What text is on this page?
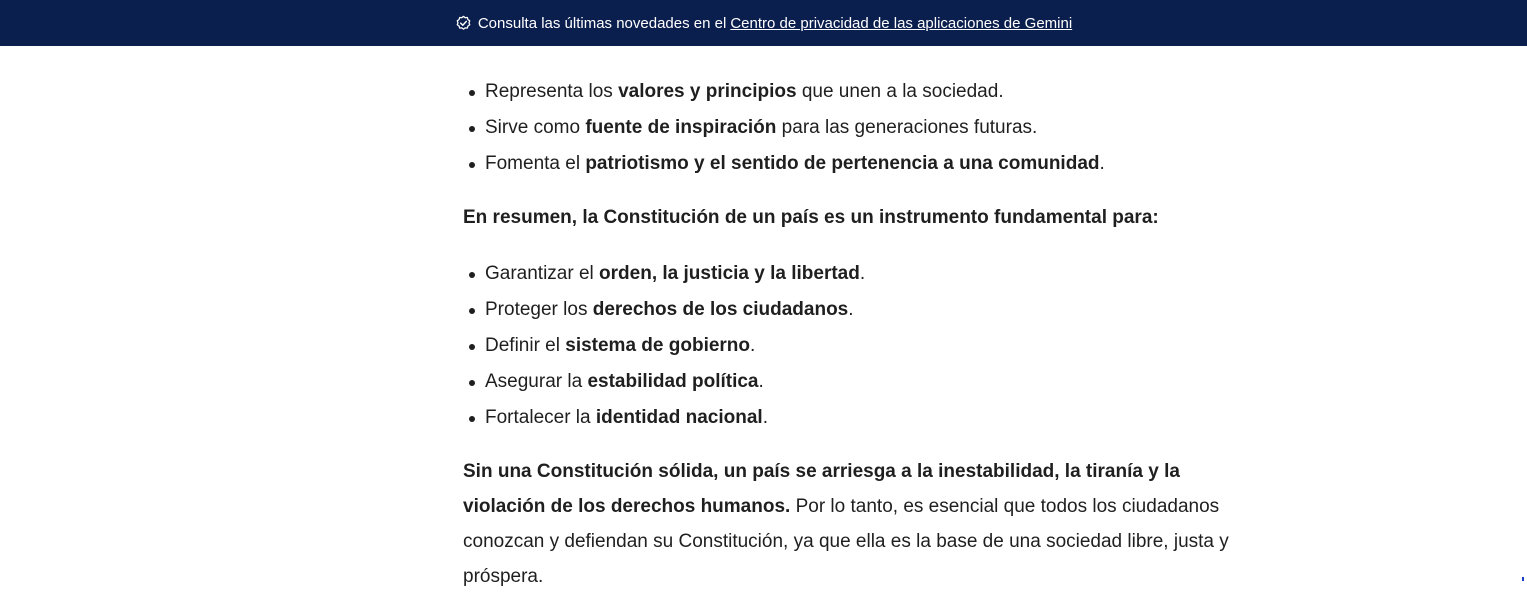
Consulta las últimas novedades en el Centro de privacidad de las aplicaciones de Gemini
Representa los valores y principios que unen a la sociedad.
Sirve como fuente de inspiración para las generaciones futuras.
Fomenta el patriotismo y el sentido de pertenencia a una comunidad.

En resumen, la Constitución de un país es un instrumento fundamental para:

Garantizar el orden, la justicia y la libertad.
Proteger los derechos de los ciudadanos.
Definir el sistema de gobierno.
Asegurar la estabilidad política.
Fortalecer la identidad nacional.

Sin una Constitución sólida, un país se arriesga a la inestabilidad, la tiranía y la violación de los derechos humanos. Por lo tanto, es esencial que todos los ciudadanos conozcan y defiendan su Constitución, ya que ella es la base de una sociedad libre, justa y próspera.
